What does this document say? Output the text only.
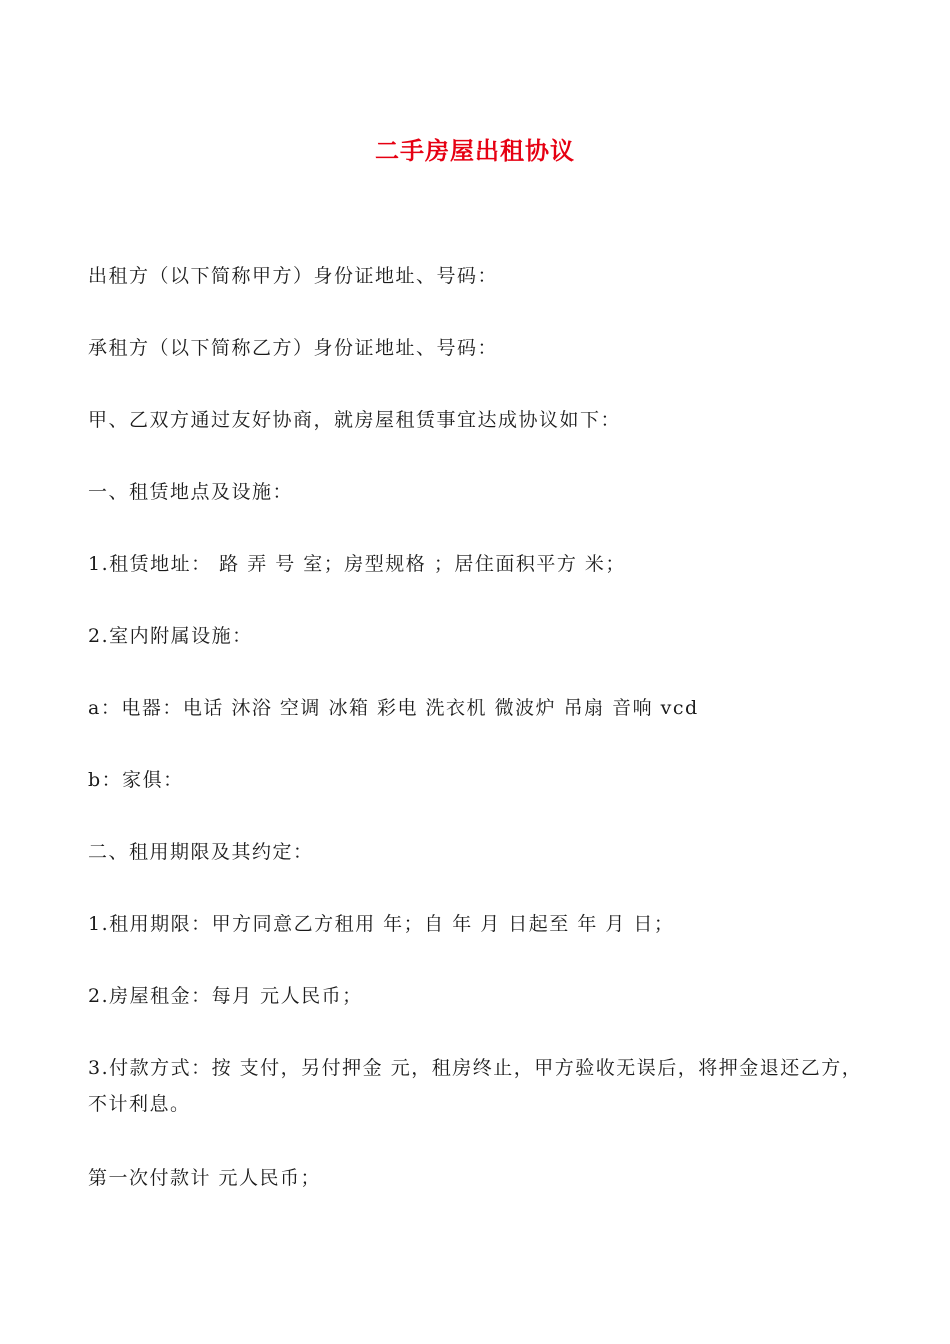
二手房屋出租协议

出租方（以下简称甲方）身份证地址、号码：

承租方（以下简称乙方）身份证地址、号码：

甲、乙双方通过友好协商，就房屋租赁事宜达成协议如下：

一、租赁地点及设施：

1.租赁地址： 路 弄 号 室；房型规格 ；居住面积平方 米；

2.室内附属设施：

a：电器：电话 沐浴 空调 冰箱 彩电 洗衣机 微波炉 吊扇 音响 vcd

b：家俱：

二、租用期限及其约定：

1.租用期限：甲方同意乙方租用 年；自 年 月 日起至 年 月 日；

2.房屋租金：每月 元人民币；

3.付款方式：按 支付，另付押金 元，租房终止，甲方验收无误后，将押金退还乙方，不计利息。

第一次付款计 元人民币；
